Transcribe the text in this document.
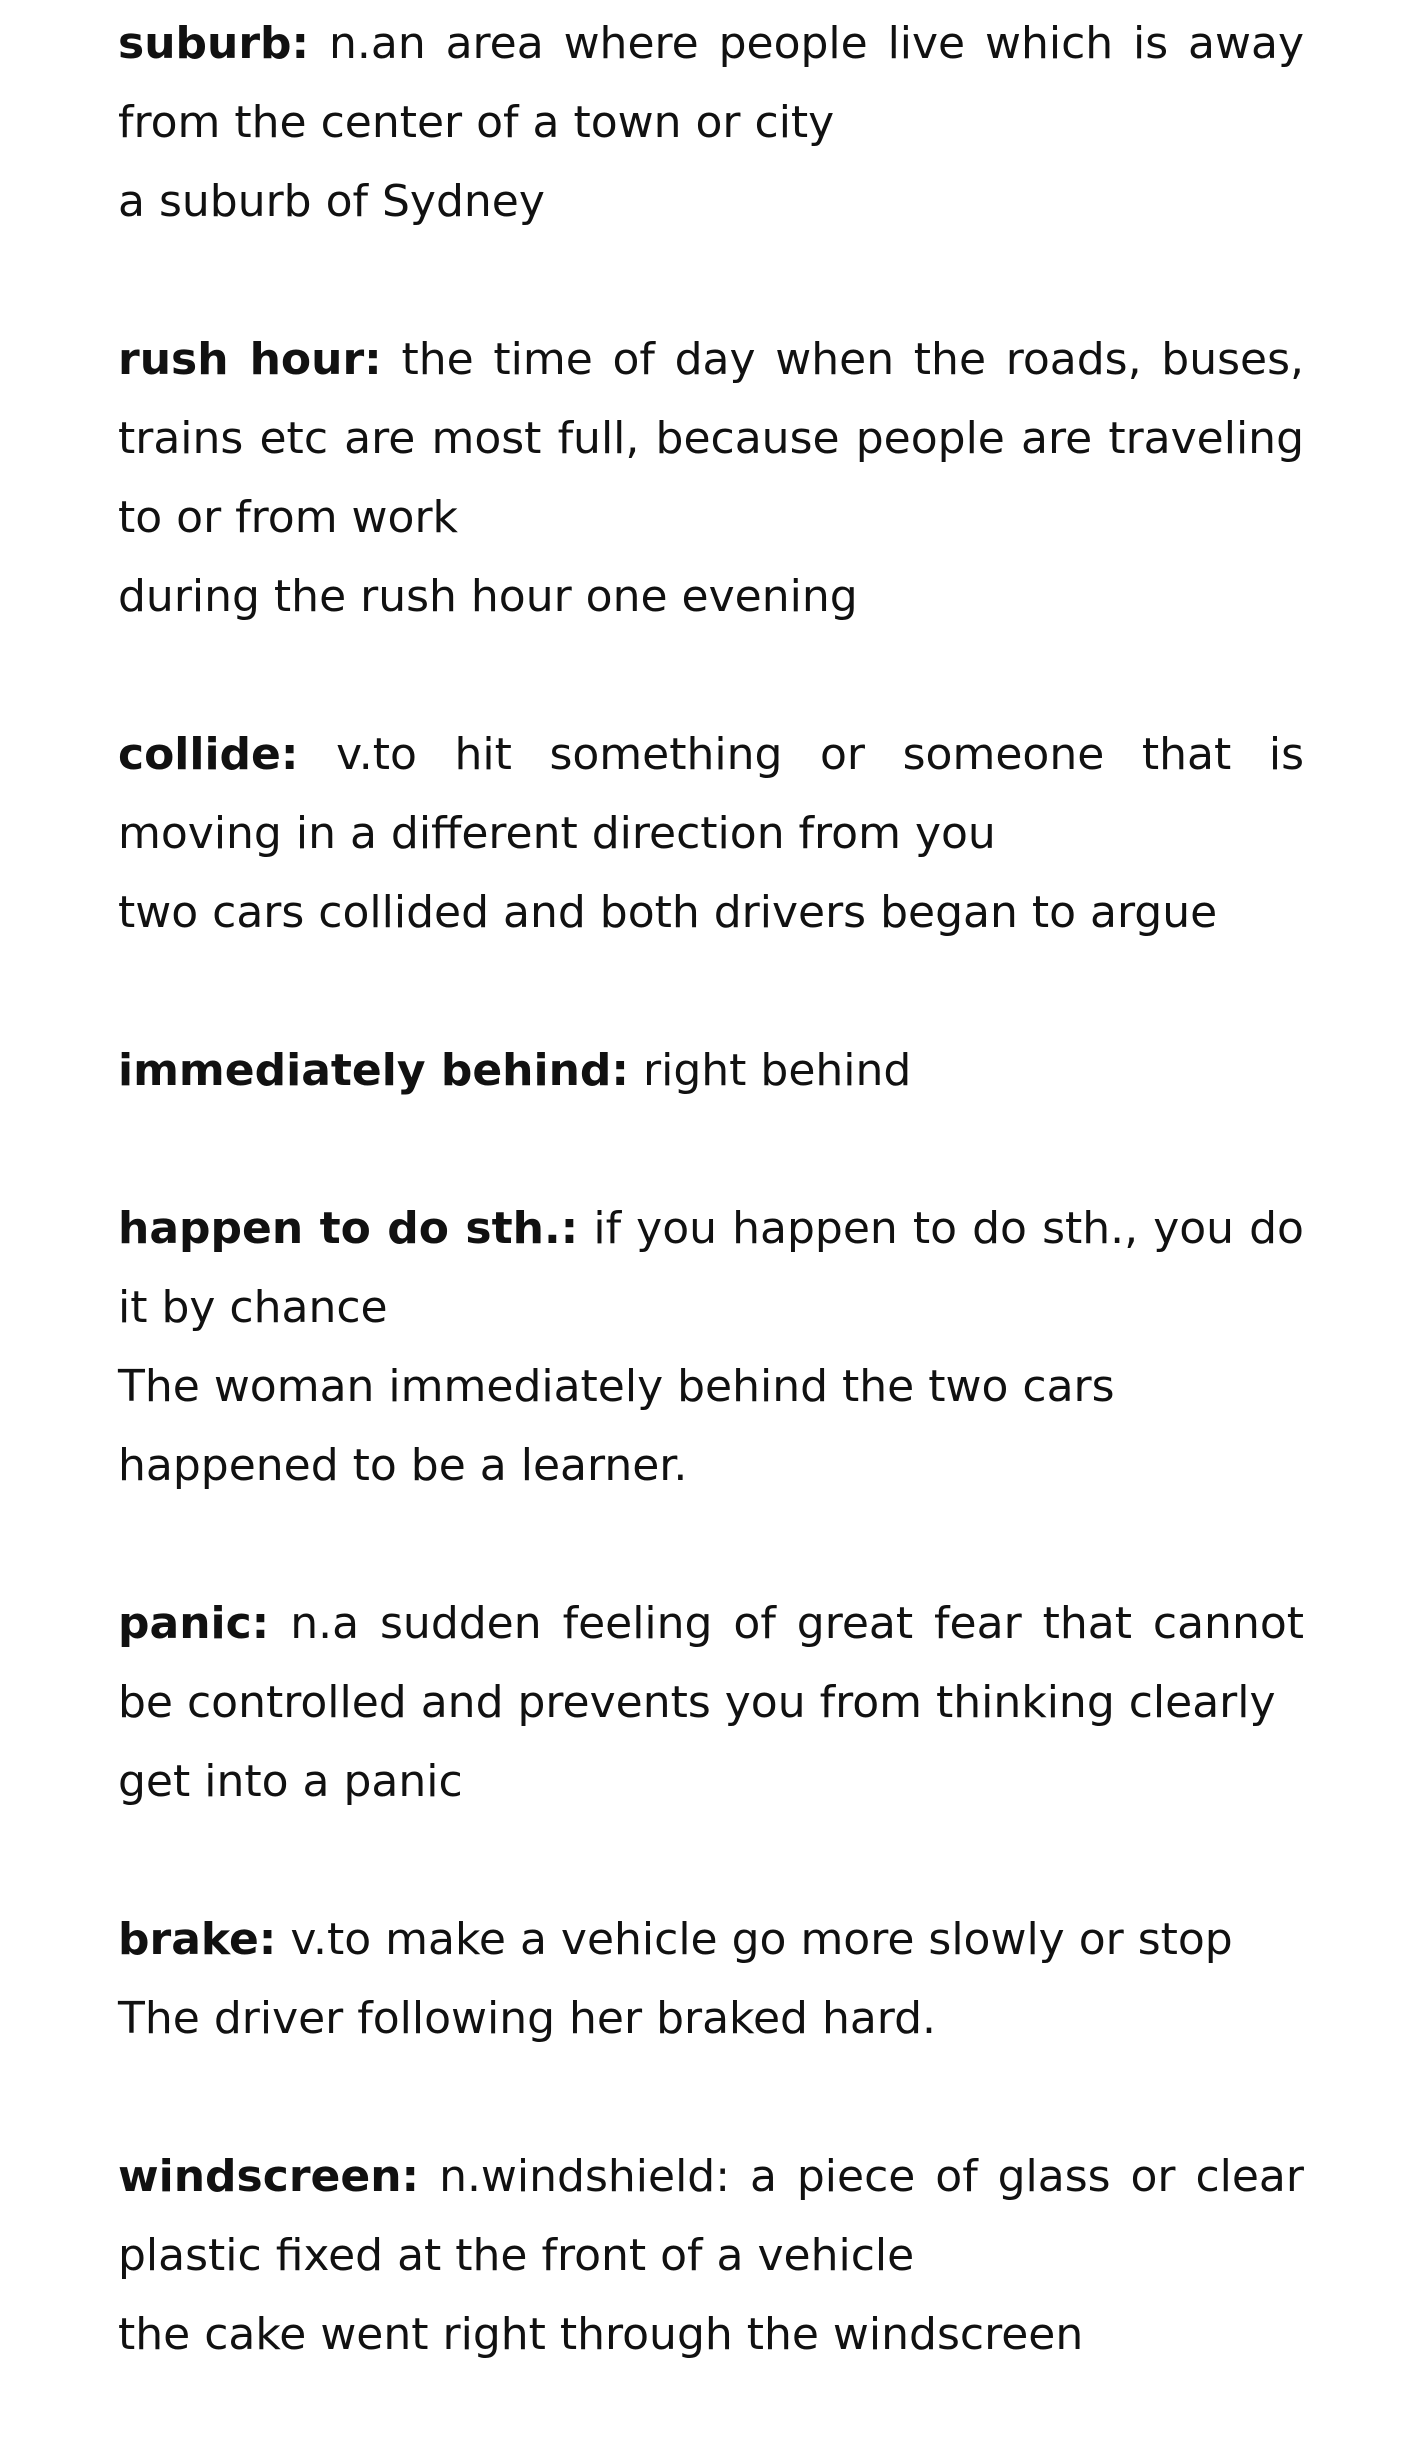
suburb: n.an area where people live which is away from the center of a town or city
a suburb of Sydney
rush hour: the time of day when the roads, buses, trains etc are most full, because people are traveling to or from work
during the rush hour one evening
collide: v.to hit something or someone that is moving in a different direction from you
two cars collided and both drivers began to argue
immediately behind: right behind
happen to do sth.: if you happen to do sth., you do it by chance
The woman immediately behind the two cars happened to be a learner.
panic: n.a sudden feeling of great fear that cannot be controlled and prevents you from thinking clearly
get into a panic
brake: v.to make a vehicle go more slowly or stop
The driver following her braked hard.
windscreen: n.windshield: a piece of glass or clear plastic fixed at the front of a vehicle
the cake went right through the windscreen
